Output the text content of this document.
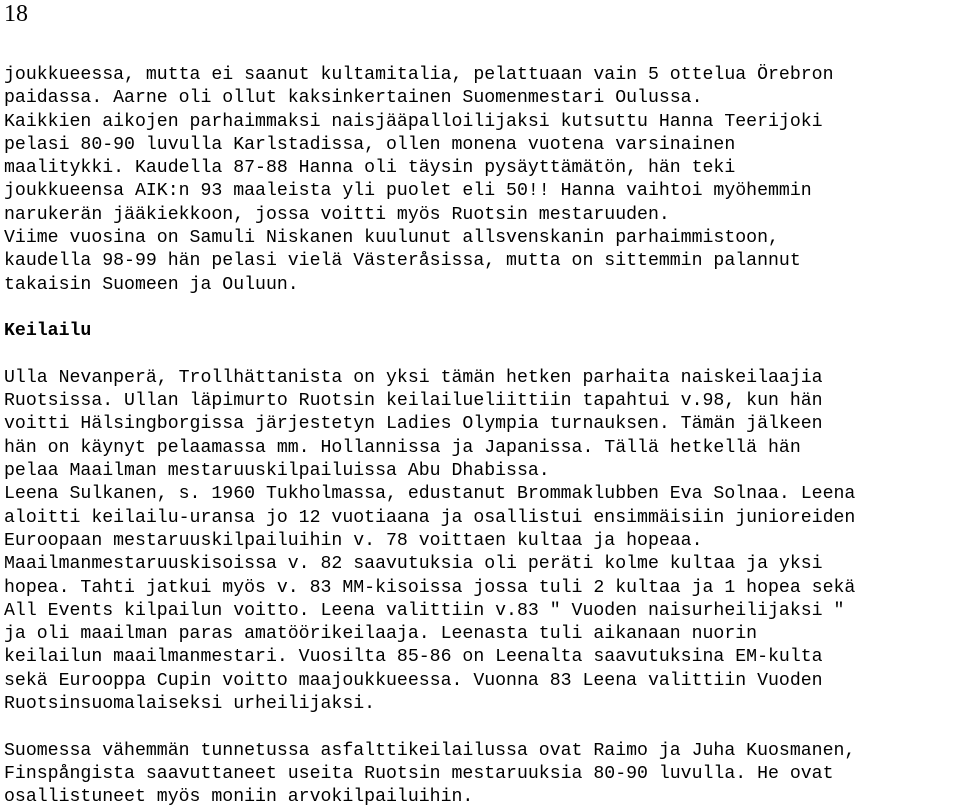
18
joukkueessa, mutta ei saanut kultamitalia, pelattuaan vain 5 ottelua Örebron
paidassa. Aarne oli ollut kaksinkertainen Suomenmestari Oulussa.
Kaikkien aikojen parhaimmaksi naisjääpalloilijaksi kutsuttu Hanna Teerijoki
pelasi 80-90 luvulla Karlstadissa, ollen monena vuotena varsinainen
maalitykki. Kaudella 87-88 Hanna oli täysin pysäyttämätön, hän teki
joukkueensa AIK:n 93 maaleista yli puolet eli 50!! Hanna vaihtoi myöhemmin
narukerän jääkiekkoon, jossa voitti myös Ruotsin mestaruuden.
Viime vuosina on Samuli Niskanen kuulunut allsvenskanin parhaimmistoon,
kaudella 98-99 hän pelasi vielä Västeråsissa, mutta on sittemmin palannut
takaisin Suomeen ja Ouluun.
Keilailu
Ulla Nevanperä, Trollhättanista on yksi tämän hetken parhaita naiskeilaajia
Ruotsissa. Ullan läpimurto Ruotsin keilailueliittiin tapahtui v.98, kun hän
voitti Hälsingborgissa järjestetyn Ladies Olympia turnauksen. Tämän jälkeen
hän on käynyt pelaamassa mm. Hollannissa ja Japanissa. Tällä hetkellä hän
pelaa Maailman mestaruuskilpailuissa Abu Dhabissa.
Leena Sulkanen, s. 1960 Tukholmassa, edustanut Brommaklubben Eva Solnaa. Leena
aloitti keilailu-uransa jo 12 vuotiaana ja osallistui ensimmäisiin junioreiden
Euroopaan mestaruuskilpailuihin v. 78 voittaen kultaa ja hopeaa.
Maailmanmestaruuskisoissa v. 82 saavutuksia oli peräti kolme kultaa ja yksi
hopea. Tahti jatkui myös v. 83 MM-kisoissa jossa tuli 2 kultaa ja 1 hopea sekä
All Events kilpailun voitto. Leena valittiin v.83 " Vuoden naisurheilijaksi "
ja oli maailman paras amatöörikeilaaja. Leenasta tuli aikanaan nuorin
keilailun maailmanmestari. Vuosilta 85-86 on Leenalta saavutuksina EM-kulta
sekä Eurooppa Cupin voitto maajoukkueessa. Vuonna 83 Leena valittiin Vuoden
Ruotsinsuomalaiseksi urheilijaksi.
Suomessa vähemmän tunnetussa asfalttikeilailussa ovat Raimo ja Juha Kuosmanen,
Finspångista saavuttaneet useita Ruotsin mestaruuksia 80-90 luvulla. He ovat
osallistuneet myös moniin arvokilpailuihin.
